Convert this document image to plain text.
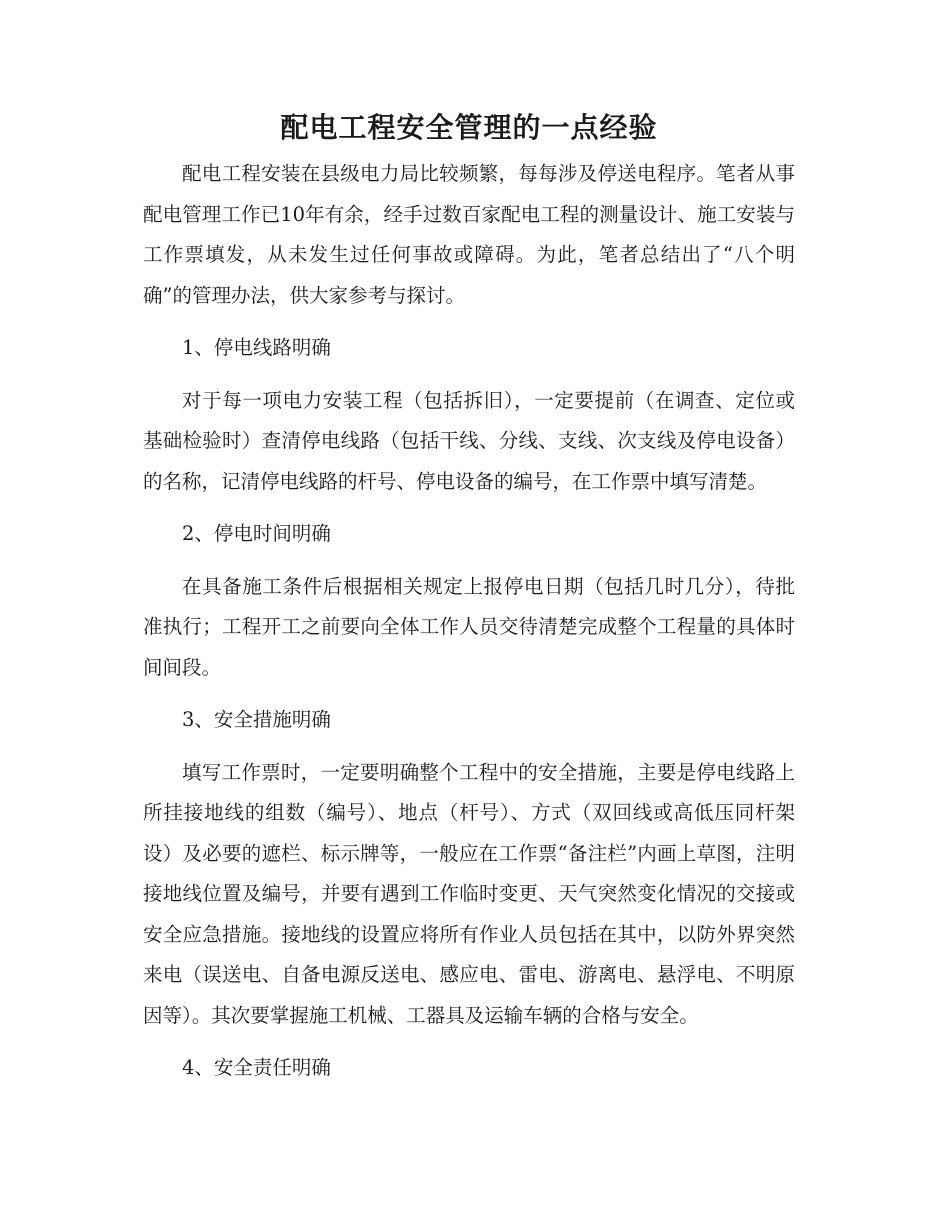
配电工程安全管理的一点经验

配电工程安装在县级电力局比较频繁，每每涉及停送电程序。笔者从事配电管理工作已10年有余，经手过数百家配电工程的测量设计、施工安装与工作票填发，从未发生过任何事故或障碍。为此，笔者总结出了“八个明确”的管理办法，供大家参考与探讨。

1、停电线路明确

对于每一项电力安装工程（包括拆旧），一定要提前（在调查、定位或基础检验时）查清停电线路（包括干线、分线、支线、次支线及停电设备）的名称，记清停电线路的杆号、停电设备的编号，在工作票中填写清楚。

2、停电时间明确

在具备施工条件后根据相关规定上报停电日期（包括几时几分），待批准执行；工程开工之前要向全体工作人员交待清楚完成整个工程量的具体时间间段。

3、安全措施明确

填写工作票时，一定要明确整个工程中的安全措施，主要是停电线路上所挂接地线的组数（编号）、地点（杆号）、方式（双回线或高低压同杆架设）及必要的遮栏、标示牌等，一般应在工作票“备注栏”内画上草图，注明接地线位置及编号，并要有遇到工作临时变更、天气突然变化情况的交接或安全应急措施。接地线的设置应将所有作业人员包括在其中，以防外界突然来电（误送电、自备电源反送电、感应电、雷电、游离电、悬浮电、不明原因等）。其次要掌握施工机械、工器具及运输车辆的合格与安全。

4、安全责任明确
